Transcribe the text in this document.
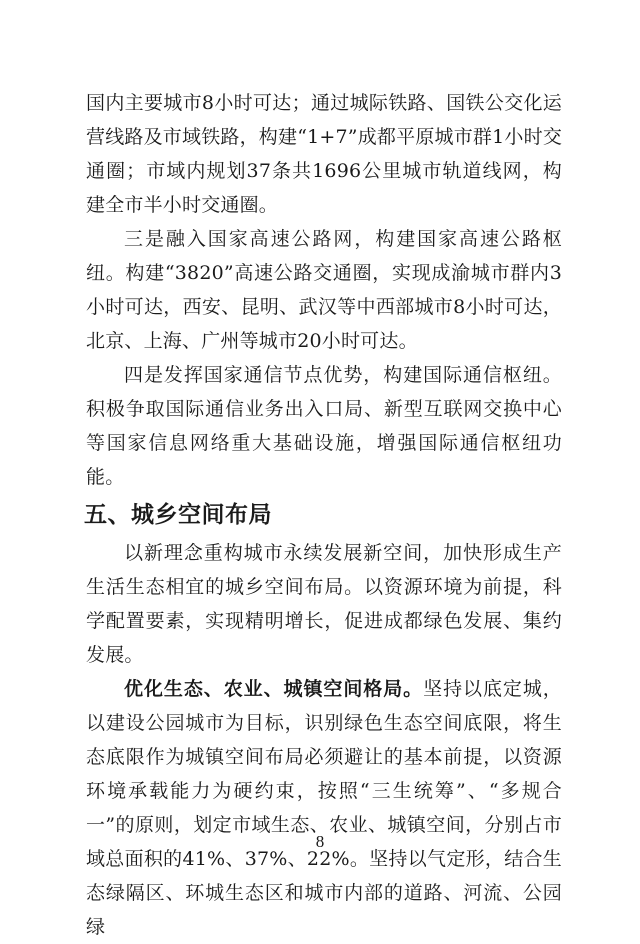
国内主要城市8小时可达；通过城际铁路、国铁公交化运营线路及市域铁路，构建“1+7”成都平原城市群1小时交通圈；市域内规划37条共1696公里城市轨道线网，构建全市半小时交通圈。

三是融入国家高速公路网，构建国家高速公路枢纽。构建“3820”高速公路交通圈，实现成渝城市群内3小时可达，西安、昆明、武汉等中西部城市8小时可达，北京、上海、广州等城市20小时可达。

四是发挥国家通信节点优势，构建国际通信枢纽。积极争取国际通信业务出入口局、新型互联网交换中心等国家信息网络重大基础设施，增强国际通信枢纽功能。

五、城乡空间布局

以新理念重构城市永续发展新空间，加快形成生产生活生态相宜的城乡空间布局。以资源环境为前提，科学配置要素，实现精明增长，促进成都绿色发展、集约发展。

优化生态、农业、城镇空间格局。坚持以底定城，以建设公园城市为目标，识别绿色生态空间底限，将生态底限作为城镇空间布局必须避让的基本前提，以资源环境承载能力为硬约束，按照“三生统筹”、“多规合一”的原则，划定市域生态、农业、城镇空间，分别占市域总面积的41%、37%、22%。坚持以气定形，结合生态绿隔区、环城生态区和城市内部的道路、河流、公园绿

8
